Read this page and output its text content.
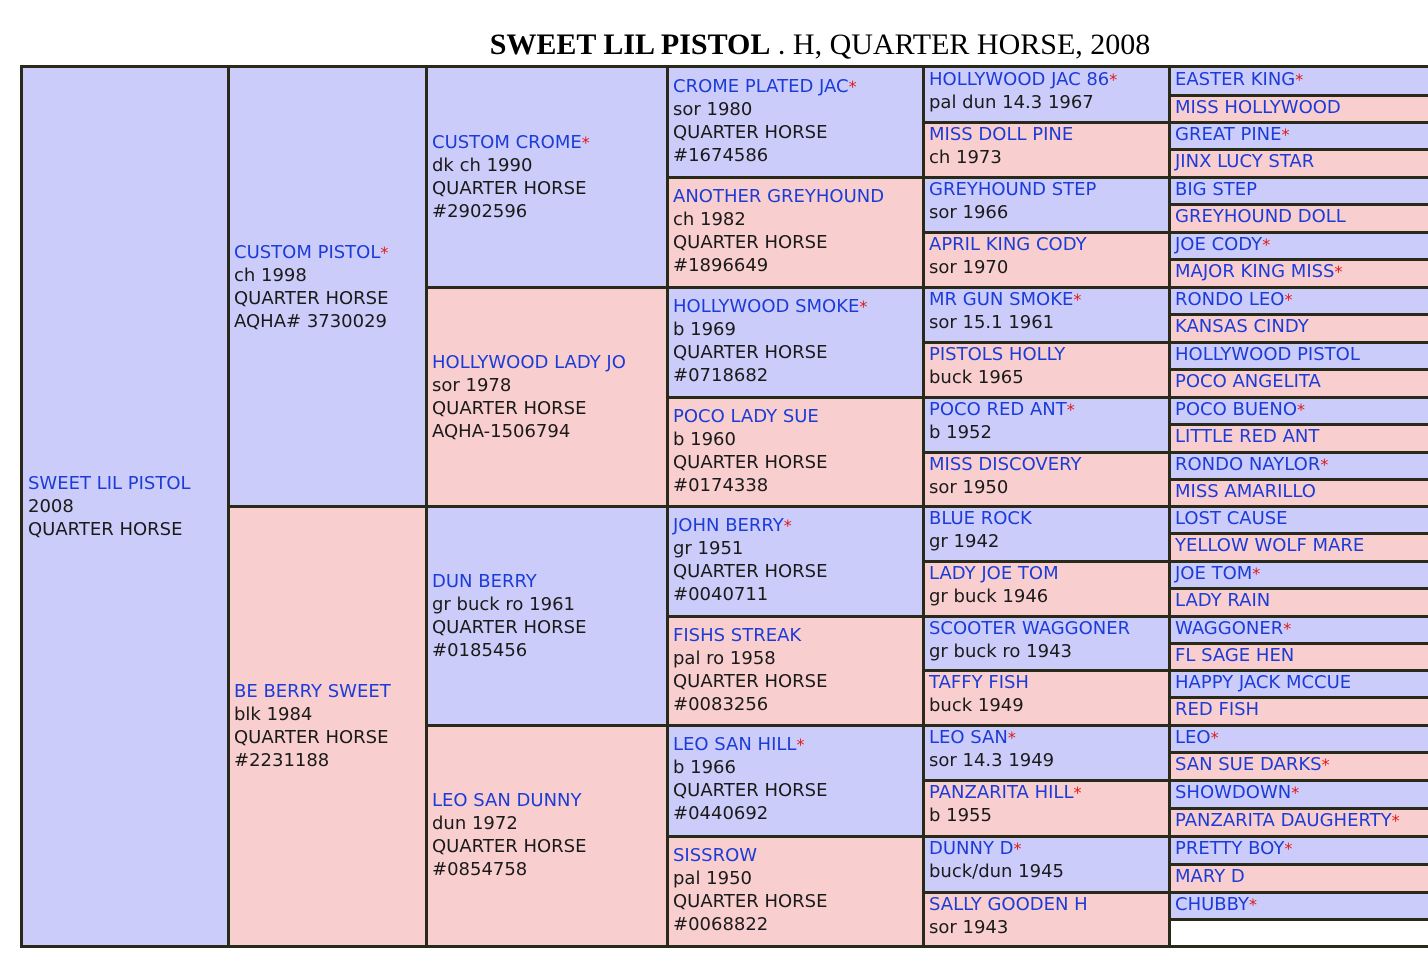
SWEET LIL PISTOL . H, QUARTER HORSE, 2008
SWEET LIL PISTOL
2008
QUARTER HORSE
CUSTOM PISTOL*
ch 1998
QUARTER HORSE
AQHA# 3730029
BE BERRY SWEET
blk 1984
QUARTER HORSE
#2231188
CUSTOM CROME*
dk ch 1990
QUARTER HORSE
#2902596
HOLLYWOOD LADY JO
sor 1978
QUARTER HORSE
AQHA-1506794
DUN BERRY
gr buck ro 1961
QUARTER HORSE
#0185456
LEO SAN DUNNY
dun 1972
QUARTER HORSE
#0854758
CROME PLATED JAC*
sor 1980
QUARTER HORSE
#1674586
ANOTHER GREYHOUND
ch 1982
QUARTER HORSE
#1896649
HOLLYWOOD SMOKE*
b 1969
QUARTER HORSE
#0718682
POCO LADY SUE
b 1960
QUARTER HORSE
#0174338
JOHN BERRY*
gr 1951
QUARTER HORSE
#0040711
FISHS STREAK
pal ro 1958
QUARTER HORSE
#0083256
LEO SAN HILL*
b 1966
QUARTER HORSE
#0440692
SISSROW
pal 1950
QUARTER HORSE
#0068822
HOLLYWOOD JAC 86*
pal dun 14.3 1967
MISS DOLL PINE
ch 1973
GREYHOUND STEP
sor 1966
APRIL KING CODY
sor 1970
MR GUN SMOKE*
sor 15.1 1961
PISTOLS HOLLY
buck 1965
POCO RED ANT*
b 1952
MISS DISCOVERY
sor 1950
BLUE ROCK
gr 1942
LADY JOE TOM
gr buck 1946
SCOOTER WAGGONER
gr buck ro 1943
TAFFY FISH
buck 1949
LEO SAN*
sor 14.3 1949
PANZARITA HILL*
b 1955
DUNNY D*
buck/dun 1945
SALLY GOODEN H
sor 1943
EASTER KING*
MISS HOLLYWOOD
GREAT PINE*
JINX LUCY STAR
BIG STEP
GREYHOUND DOLL
JOE CODY*
MAJOR KING MISS*
RONDO LEO*
KANSAS CINDY
HOLLYWOOD PISTOL
POCO ANGELITA
POCO BUENO*
LITTLE RED ANT
RONDO NAYLOR*
MISS AMARILLO
LOST CAUSE
YELLOW WOLF MARE
JOE TOM*
LADY RAIN
WAGGONER*
FL SAGE HEN
HAPPY JACK MCCUE
RED FISH
LEO*
SAN SUE DARKS*
SHOWDOWN*
PANZARITA DAUGHERTY*
PRETTY BOY*
MARY D
CHUBBY*
